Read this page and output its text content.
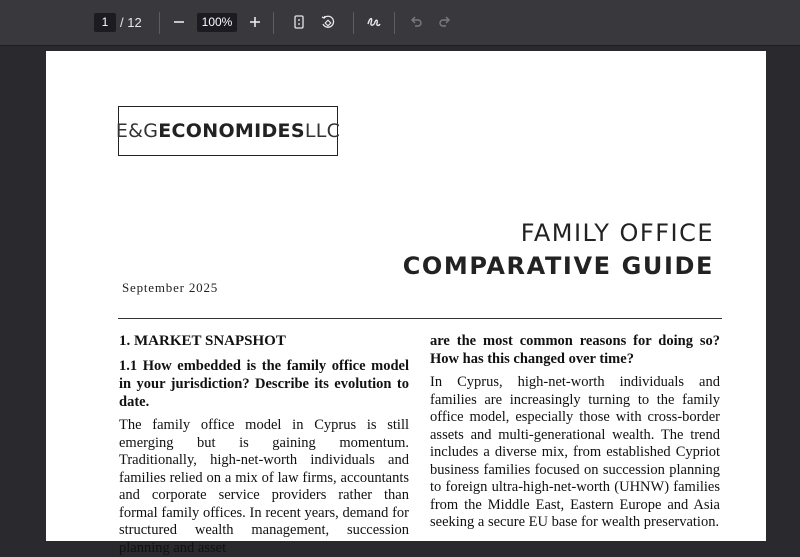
1 / 12	100%
E&G ECONOMIDES LLC
FAMILY OFFICE
COMPARATIVE GUIDE
September 2025
1. MARKET SNAPSHOT
1.1 How embedded is the family office model in your jurisdiction? Describe its evolution to date.

The family office model in Cyprus is still emerging but is gaining momentum. Traditionally, high-net-worth individuals and families relied on a mix of law firms, accountants and corporate service providers rather than formal family offices. In recent years, demand for structured wealth management, succession planning and asset

are the most common reasons for doing so? How has this changed over time?

In Cyprus, high-net-worth individuals and families are increasingly turning to the family office model, especially those with cross-border assets and multi-generational wealth. The trend includes a diverse mix, from established Cypriot business families focused on succession planning to foreign ultra-high-net-worth (UHNW) families from the Middle East, Eastern Europe and Asia seeking a secure EU base for wealth preservation.
